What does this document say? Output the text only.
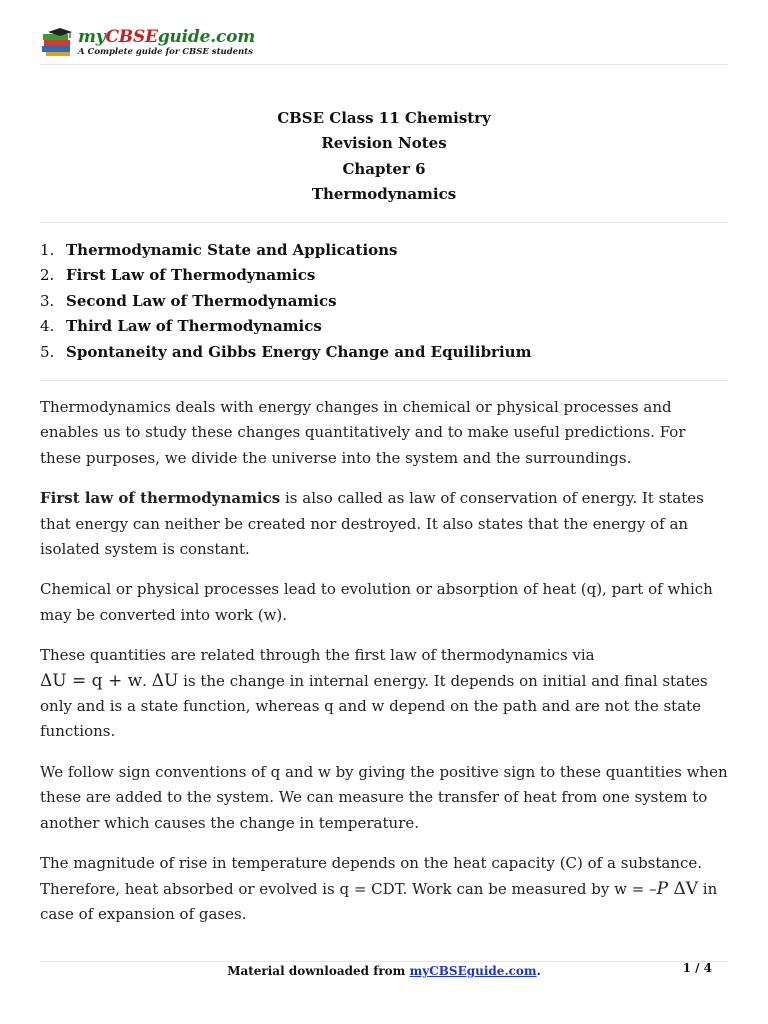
myCBSEguide.com
A Complete guide for CBSE students
CBSE Class 11 Chemistry
Revision Notes
Chapter 6
Thermodynamics
1. Thermodynamic State and Applications
2. First Law of Thermodynamics
3. Second Law of Thermodynamics
4. Third Law of Thermodynamics
5. Spontaneity and Gibbs Energy Change and Equilibrium

Thermodynamics deals with energy changes in chemical or physical processes and enables us to study these changes quantitatively and to make useful predictions. For these purposes, we divide the universe into the system and the surroundings.

First law of thermodynamics is also called as law of conservation of energy. It states that energy can neither be created nor destroyed. It also states that the energy of an isolated system is constant.

Chemical or physical processes lead to evolution or absorption of heat (q), part of which may be converted into work (w).

These quantities are related through the first law of thermodynamics via
ΔU = q + w. ΔU is the change in internal energy. It depends on initial and final states only and is a state function, whereas q and w depend on the path and are not the state functions.

We follow sign conventions of q and w by giving the positive sign to these quantities when these are added to the system. We can measure the transfer of heat from one system to another which causes the change in temperature.

The magnitude of rise in temperature depends on the heat capacity (C) of a substance. Therefore, heat absorbed or evolved is q = CDT. Work can be measured by w = –P ΔV in case of expansion of gases.

Material downloaded from myCBSEguide.com.	1 / 4
